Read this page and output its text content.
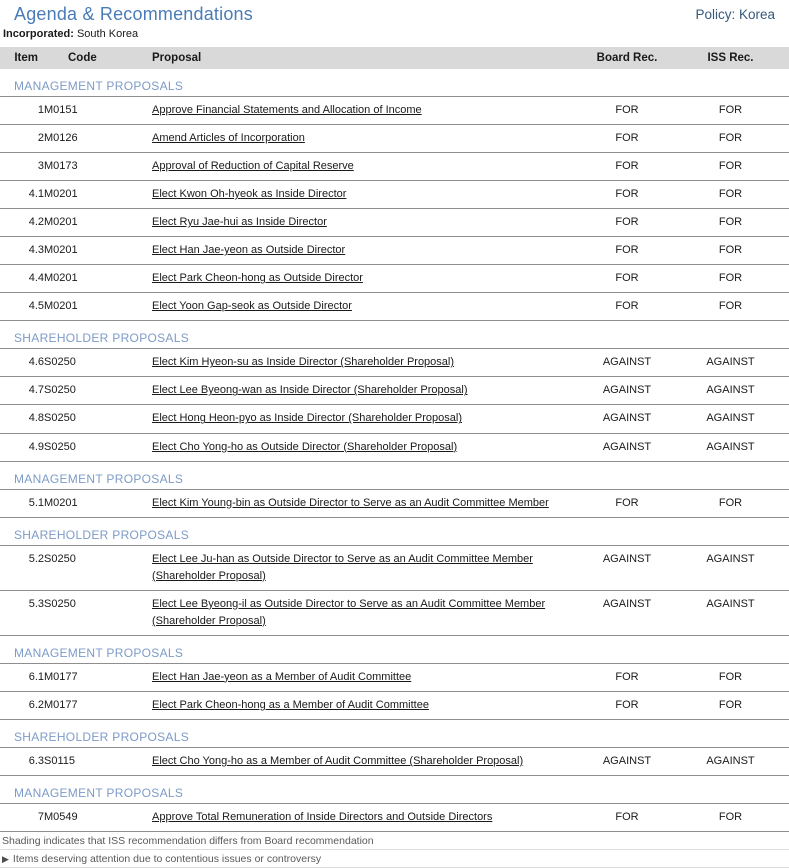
Agenda & Recommendations	Policy: Korea
Incorporated: South Korea
Item	Code	Proposal	Board Rec.	ISS Rec.
MANAGEMENT PROPOSALS				
1	M0151	Approve Financial Statements and Allocation of Income	FOR	FOR
2	M0126	Amend Articles of Incorporation	FOR	FOR
3	M0173	Approval of Reduction of Capital Reserve	FOR	FOR
4.1	M0201	Elect Kwon Oh-hyeok as Inside Director	FOR	FOR
4.2	M0201	Elect Ryu Jae-hui as Inside Director	FOR	FOR
4.3	M0201	Elect Han Jae-yeon as Outside Director	FOR	FOR
4.4	M0201	Elect Park Cheon-hong as Outside Director	FOR	FOR
4.5	M0201	Elect Yoon Gap-seok as Outside Director	FOR	FOR
SHAREHOLDER PROPOSALS				
4.6	S0250	Elect Kim Hyeon-su as Inside Director (Shareholder Proposal)	AGAINST	AGAINST
4.7	S0250	Elect Lee Byeong-wan as Inside Director (Shareholder Proposal)	AGAINST	AGAINST
4.8	S0250	Elect Hong Heon-pyo as Inside Director (Shareholder Proposal)	AGAINST	AGAINST
4.9	S0250	Elect Cho Yong-ho as Outside Director (Shareholder Proposal)	AGAINST	AGAINST
MANAGEMENT PROPOSALS				
5.1	M0201	Elect Kim Young-bin as Outside Director to Serve as an Audit Committee Member	FOR	FOR
SHAREHOLDER PROPOSALS				
5.2	S0250	Elect Lee Ju-han as Outside Director to Serve as an Audit Committee Member (Shareholder Proposal)	AGAINST	AGAINST
5.3	S0250	Elect Lee Byeong-il as Outside Director to Serve as an Audit Committee Member (Shareholder Proposal)	AGAINST	AGAINST
MANAGEMENT PROPOSALS				
6.1	M0177	Elect Han Jae-yeon as a Member of Audit Committee	FOR	FOR
6.2	M0177	Elect Park Cheon-hong as a Member of Audit Committee	FOR	FOR
SHAREHOLDER PROPOSALS				
6.3	S0115	Elect Cho Yong-ho as a Member of Audit Committee (Shareholder Proposal)	AGAINST	AGAINST
MANAGEMENT PROPOSALS				
7	M0549	Approve Total Remuneration of Inside Directors and Outside Directors	FOR	FOR
Shading indicates that ISS recommendation differs from Board recommendation
▶ Items deserving attention due to contentious issues or controversy
